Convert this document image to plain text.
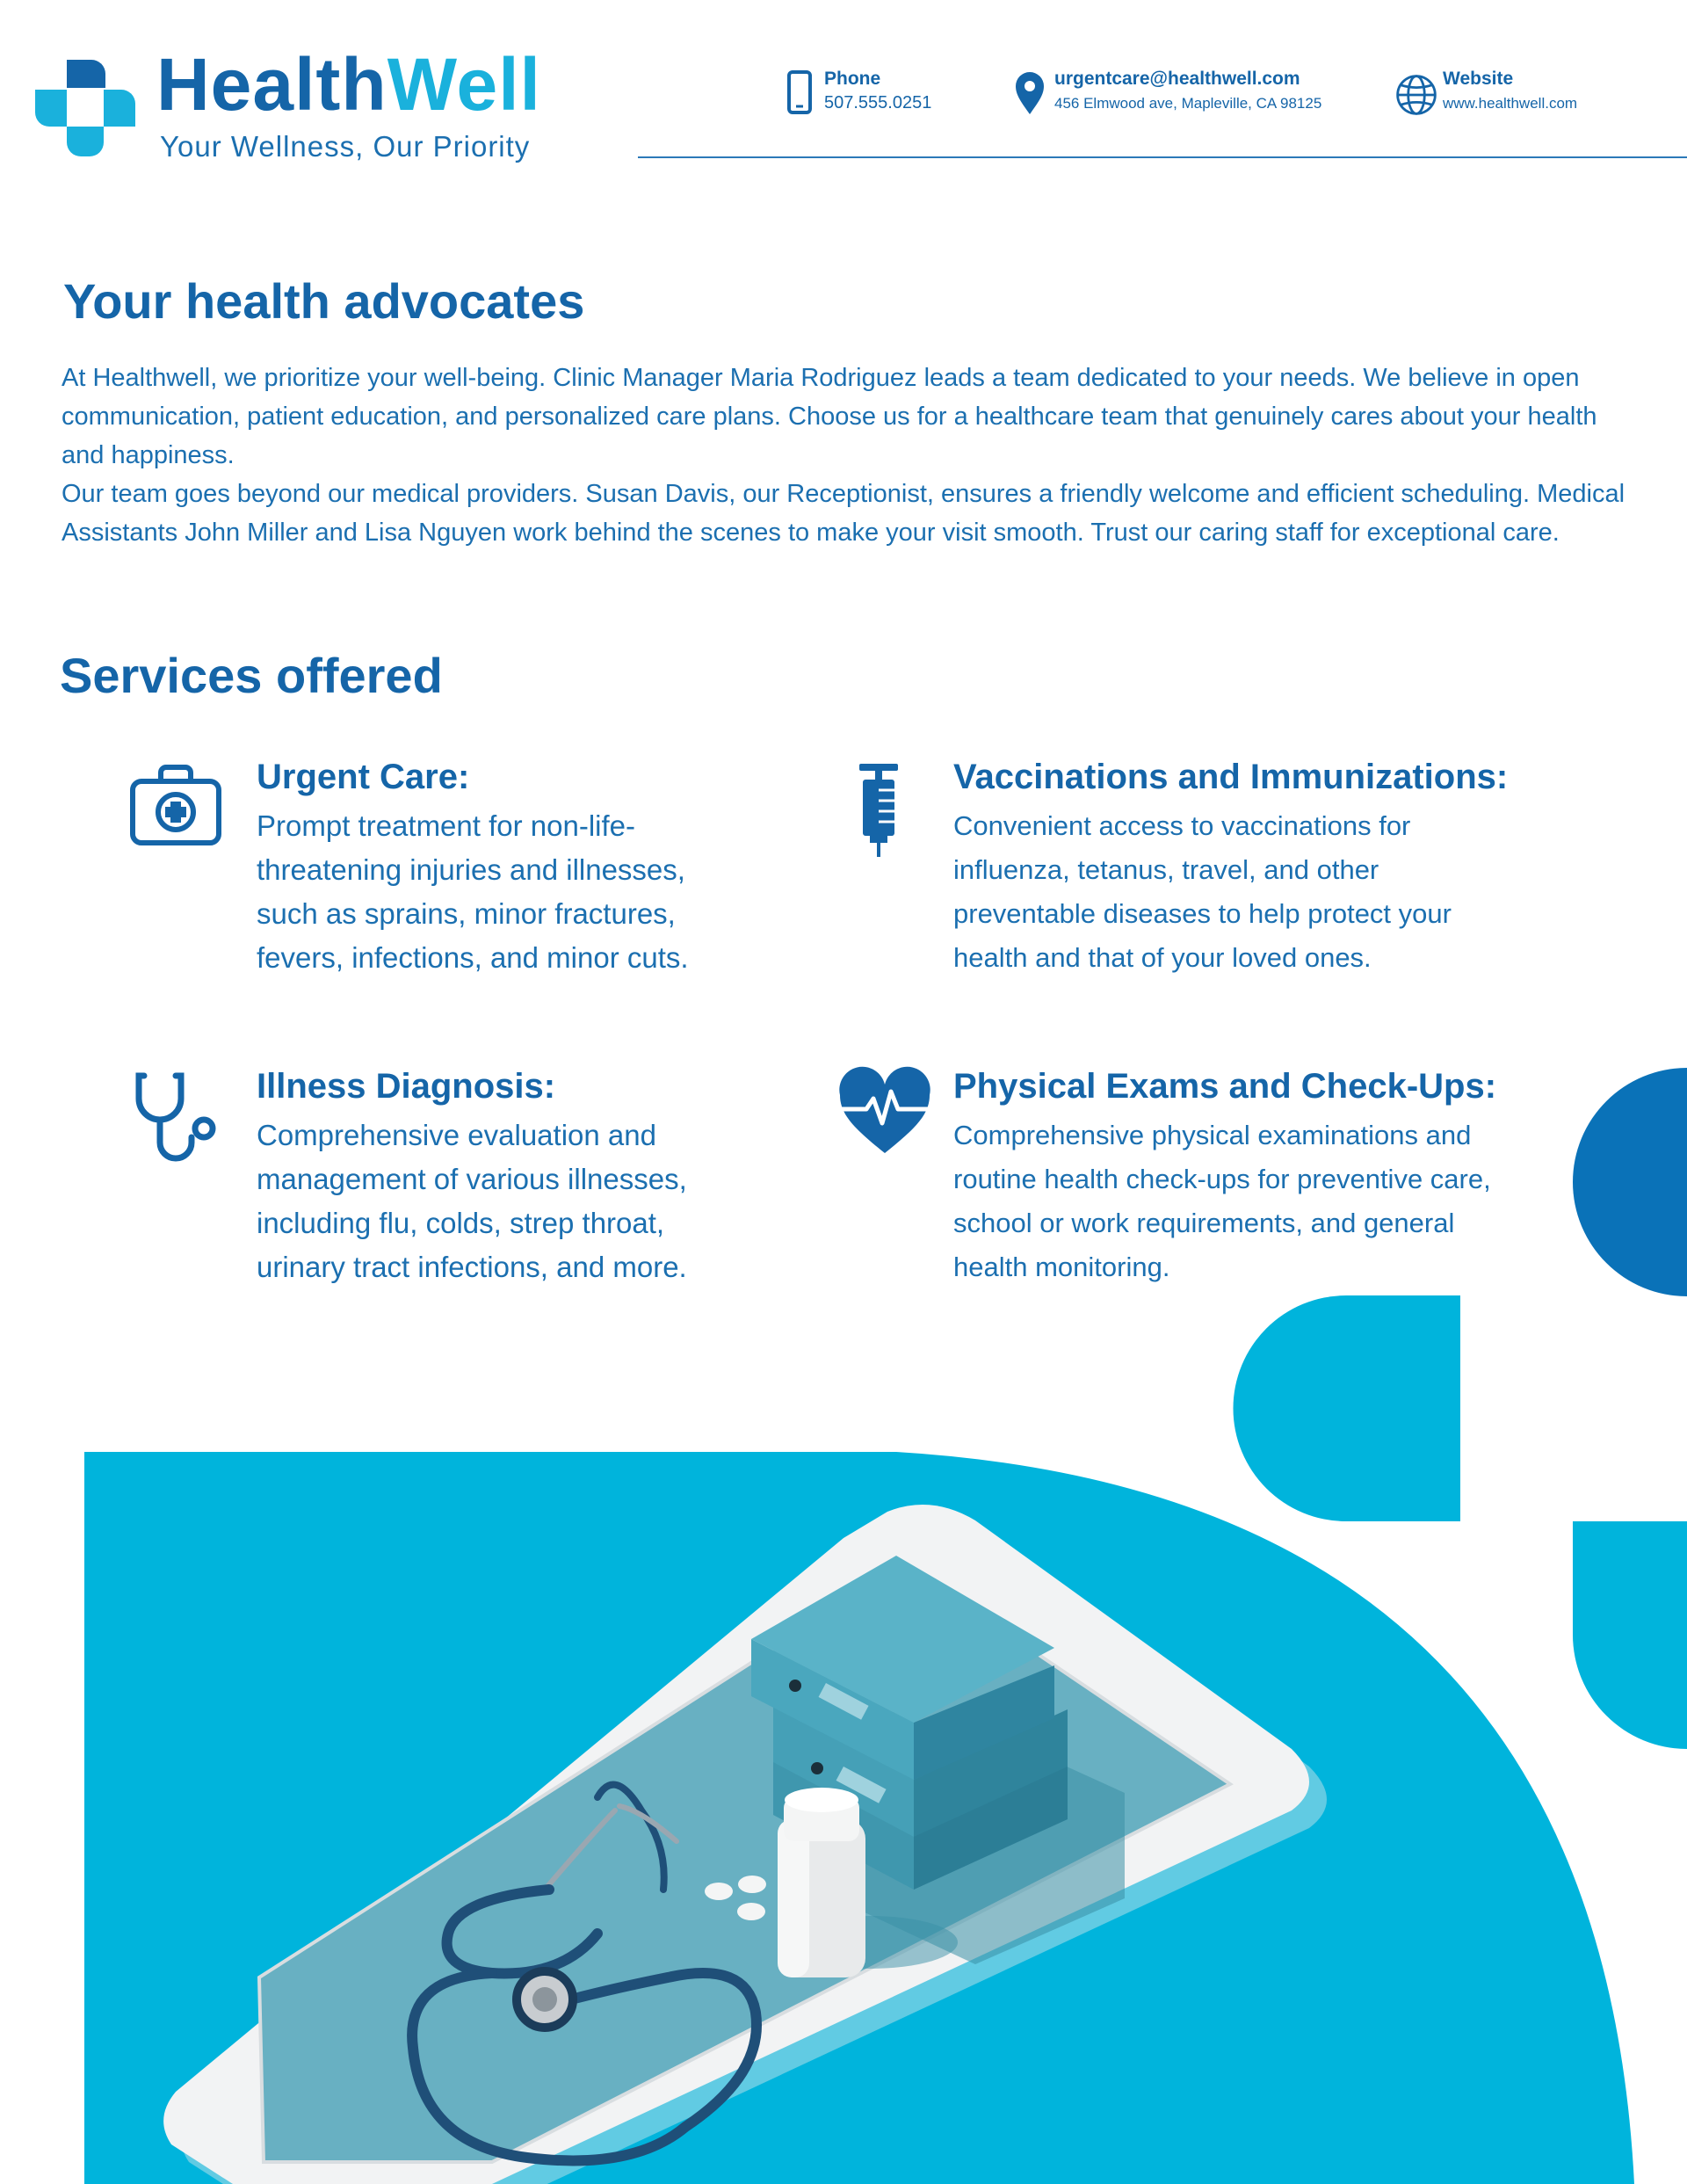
HealthWell
Your Wellness, Our Priority
Phone
507.555.0251
urgentcare@healthwell.com
456 Elmwood ave, Mapleville, CA 98125
Website
www.healthwell.com
Your health advocates

At Healthwell, we prioritize your well-being. Clinic Manager Maria Rodriguez leads a team dedicated to your needs. We believe in open communication, patient education, and personalized care plans. Choose us for a healthcare team that genuinely cares about your health and happiness.

Our team goes beyond our medical providers. Susan Davis, our Receptionist, ensures a friendly welcome and efficient scheduling. Medical Assistants John Miller and Lisa Nguyen work behind the scenes to make your visit smooth. Trust our caring staff for exceptional care.

Services offered
Urgent Care:
Prompt treatment for non-life-threatening injuries and illnesses, such as sprains, minor fractures, fevers, infections, and minor cuts.
Vaccinations and Immunizations:
Convenient access to vaccinations for influenza, tetanus, travel, and other preventable diseases to help protect your health and that of your loved ones.
Illness Diagnosis:
Comprehensive evaluation and management of various illnesses, including flu, colds, strep throat, urinary tract infections, and more.
Physical Exams and Check-Ups:
Comprehensive physical examinations and routine health check-ups for preventive care, school or work requirements, and general health monitoring.
